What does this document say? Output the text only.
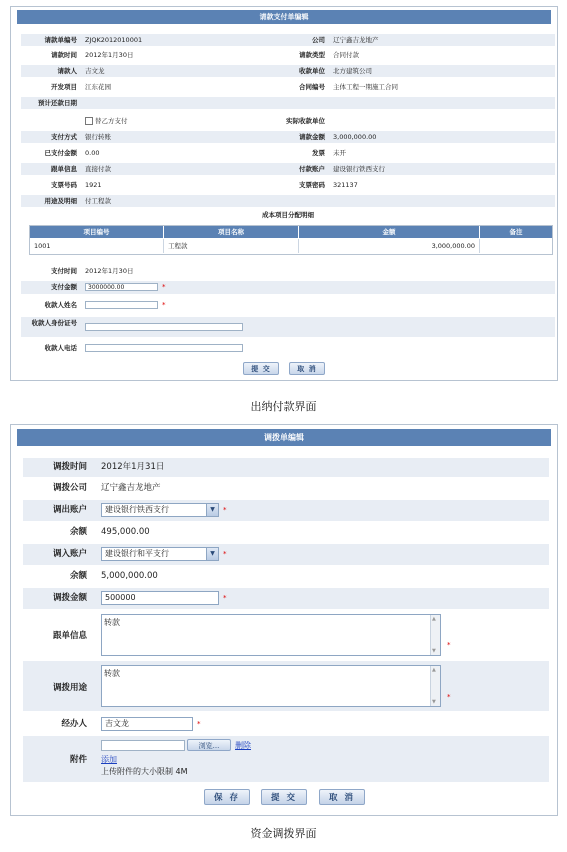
请款支付单编辑
请款单编号 ZJQK2012010001	公司 辽宁鑫吉龙地产
请款时间 2012年1月30日	请款类型 合同付款
请款人 吉文龙	收款单位 北方建筑公司
开发项目 江东花园	合同编号 主体工程一期施工合同
预计还款日期
替乙方支付	实际收款单位
支付方式 银行转账	请款金额 3,000,000.00
已支付金额 0.00	发票 未开
跟单信息 直接付款	付款账户 建设银行铁西支行
支票号码 1921	支票密码 321137
用途及明细 付工程款
成本项目分配明细
项目编号	项目名称	金额	备注
1001	工程款	3,000,000.00
支付时间 2012年1月30日
支付金额	3000000.00	*
收款人姓名	*
收款人身份证号
收款人电话
提 交	取 消
出纳付款界面
调拨单编辑
调拨时间 2012年1月31日
调拨公司 辽宁鑫吉龙地产
调出账户	建设银行铁西支行	▼	*
余额 495,000.00
调入账户	建设银行和平支行	▼	*
余额 5,000,000.00
调拨金额	500000	*
跟单信息
转款
▲ ▼
*
调拨用途
转款
▲ ▼
*
经办人	吉文龙	*
附件
浏览...	删除
添加
上传附件的大小限制 4M
保 存	提 交	取 消
资金调拨界面
